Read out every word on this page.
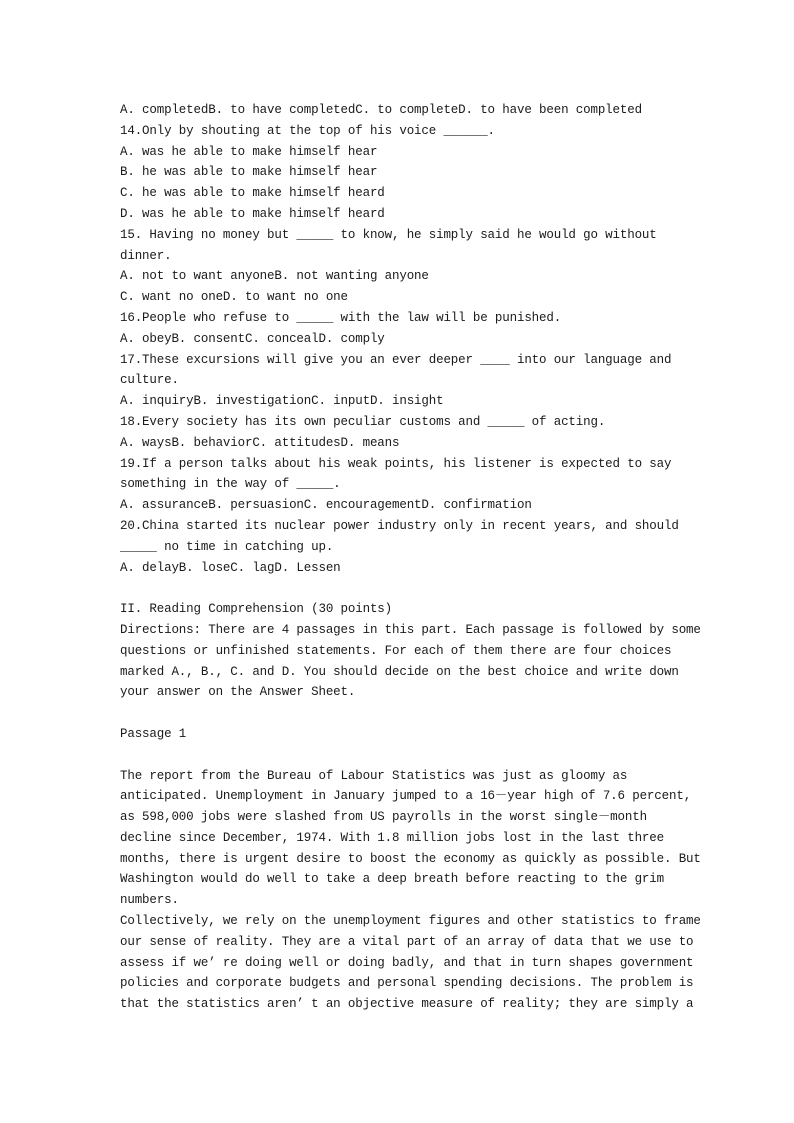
A. completedB. to have completedC. to completeD. to have been completed
14.Only by shouting at the top of his voice ______.
A. was he able to make himself hear
B. he was able to make himself hear
C. he was able to make himself heard
D. was he able to make himself heard
15. Having no money but _____ to know, he simply said he would go without
dinner.
A. not to want anyoneB. not wanting anyone
C. want no oneD. to want no one
16.People who refuse to _____ with the law will be punished.
A. obeyB. consentC. concealD. comply
17.These excursions will give you an ever deeper ____ into our language and
culture.
A. inquiryB. investigationC. inputD. insight
18.Every society has its own peculiar customs and _____ of acting.
A. waysB. behaviorC. attitudesD. means
19.If a person talks about his weak points, his listener is expected to say
something in the way of _____.
A. assuranceB. persuasionC. encouragementD. confirmation
20.China started its nuclear power industry only in recent years, and should
_____ no time in catching up.
A. delayB. loseC. lagD. Lessen
II. Reading Comprehension (30 points)
Directions: There are 4 passages in this part. Each passage is followed by some
questions or unfinished statements. For each of them there are four choices
marked A., B., C. and D. You should decide on the best choice and write down
your answer on the Answer Sheet.
Passage 1
The report from the Bureau of Labour Statistics was just as gloomy as
anticipated. Unemployment in January jumped to a 16－year high of 7.6 percent,
as 598,000 jobs were slashed from US payrolls in the worst single－month
decline since December, 1974. With 1.8 million jobs lost in the last three
months, there is urgent desire to boost the economy as quickly as possible. But
Washington would do well to take a deep breath before reacting to the grim
numbers.
Collectively, we rely on the unemployment figures and other statistics to frame
our sense of reality. They are a vital part of an array of data that we use to
assess if we’ re doing well or doing badly, and that in turn shapes government
policies and corporate budgets and personal spending decisions. The problem is
that the statistics aren’ t an objective measure of reality; they are simply a
